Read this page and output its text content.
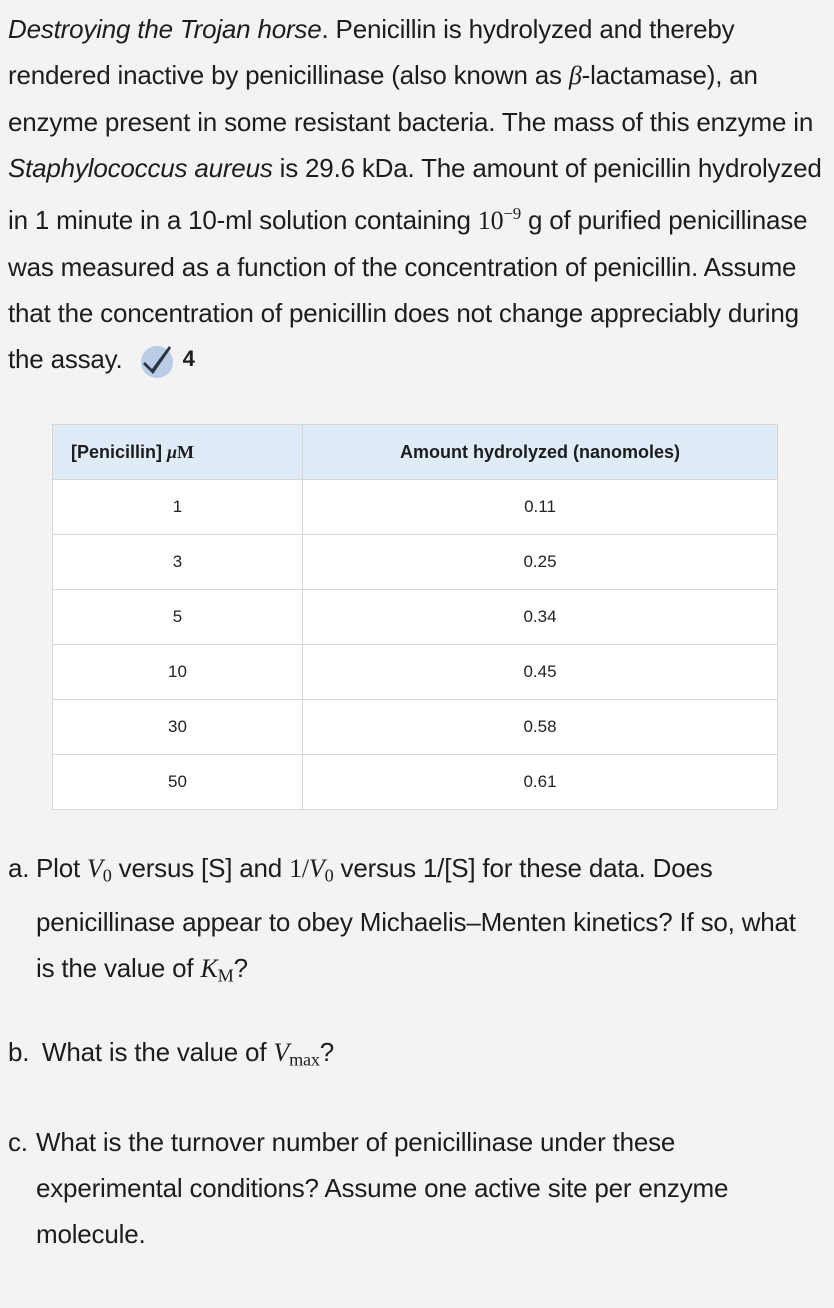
Destroying the Trojan horse. Penicillin is hydrolyzed and thereby rendered inactive by penicillinase (also known as β-lactamase), an enzyme present in some resistant bacteria. The mass of this enzyme in Staphylococcus aureus is 29.6 kDa. The amount of penicillin hydrolyzed in 1 minute in a 10-ml solution containing $10^{-9}$ g of purified penicillinase was measured as a function of the concentration of penicillin. Assume that the concentration of penicillin does not change appreciably during the assay.	4
[Penicillin] μM	Amount hydrolyzed (nanomoles)
1	0.11
3	0.25
5	0.34
10	0.45
30	0.58
50	0.61
a. Plot $V_0$ versus [S] and $1/V_0$ versus 1/[S] for these data. Does penicillinase appear to obey Michaelis–Menten kinetics? If so, what is the value of $K_M$?
b. What is the value of $V_{max}$?
c. What is the turnover number of penicillinase under these experimental conditions? Assume one active site per enzyme molecule.
